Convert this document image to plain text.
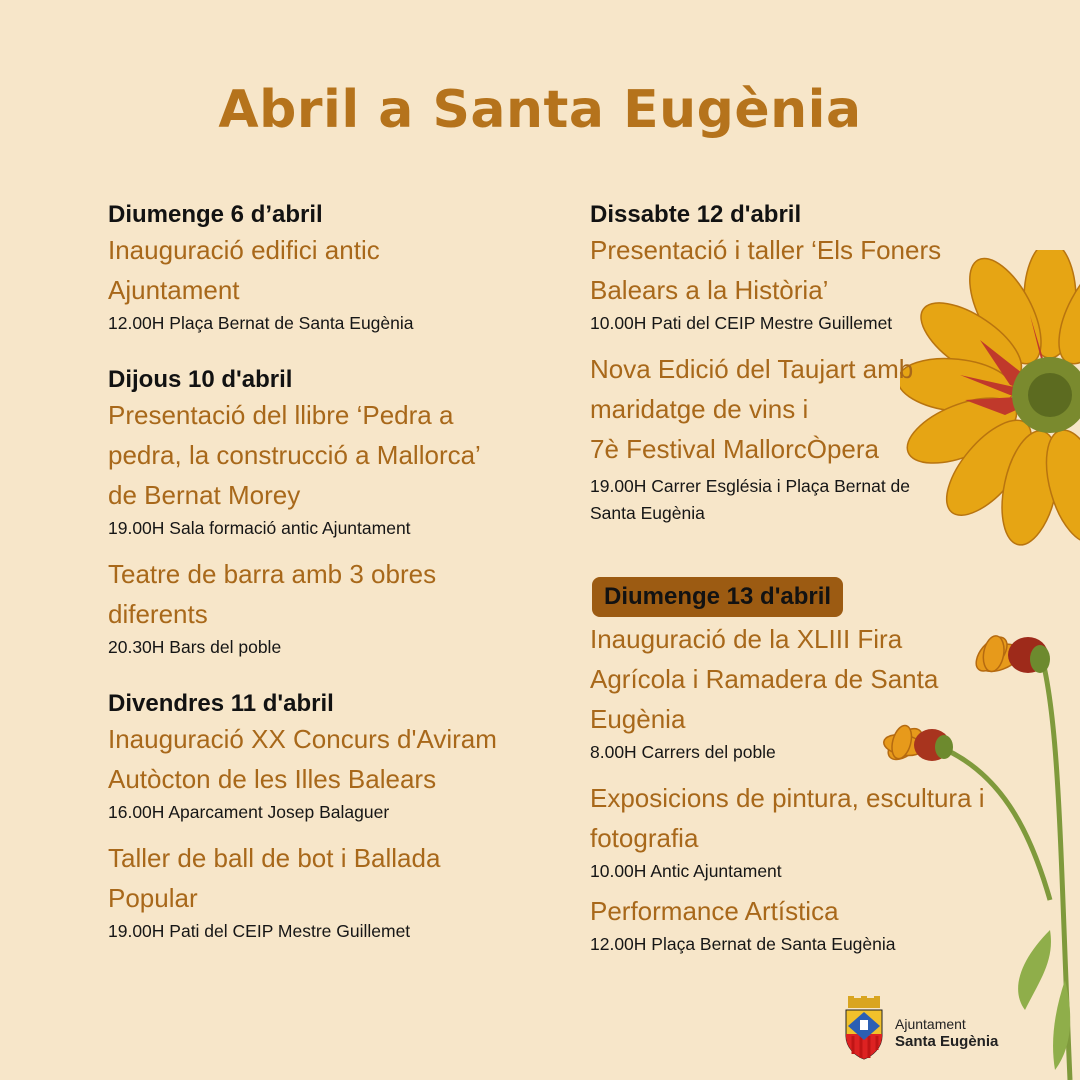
Abril a Santa Eugènia
Diumenge 6 d’abril
Inauguració edifici antic
Ajuntament
12.00H Plaça Bernat de Santa Eugènia
Dijous 10 d'abril
Presentació del llibre ‘Pedra a
pedra, la construcció a Mallorca’
de Bernat Morey
19.00H Sala formació antic Ajuntament
Teatre de barra amb 3 obres
diferents
20.30H Bars del poble
Divendres 11 d'abril
Inauguració XX Concurs d'Aviram
Autòcton de les Illes Balears
16.00H Aparcament Josep Balaguer
Taller de ball de bot i Ballada
Popular
19.00H Pati del CEIP Mestre Guillemet
Dissabte 12 d'abril
Presentació i taller ‘Els Foners
Balears a la Història’
10.00H Pati del CEIP Mestre Guillemet
Nova Edició del Taujart amb
maridatge de vins i
7è Festival MallorcÒpera
19.00H Carrer Església i Plaça Bernat de
Santa Eugènia
Diumenge 13 d'abril
Inauguració de la XLIII Fira
Agrícola i Ramadera de Santa
Eugènia
8.00H Carrers del poble
Exposicions de pintura, escultura i
fotografia
10.00H Antic Ajuntament
Performance Artística
12.00H Plaça Bernat de Santa Eugènia
Ajuntament
Santa Eugènia
